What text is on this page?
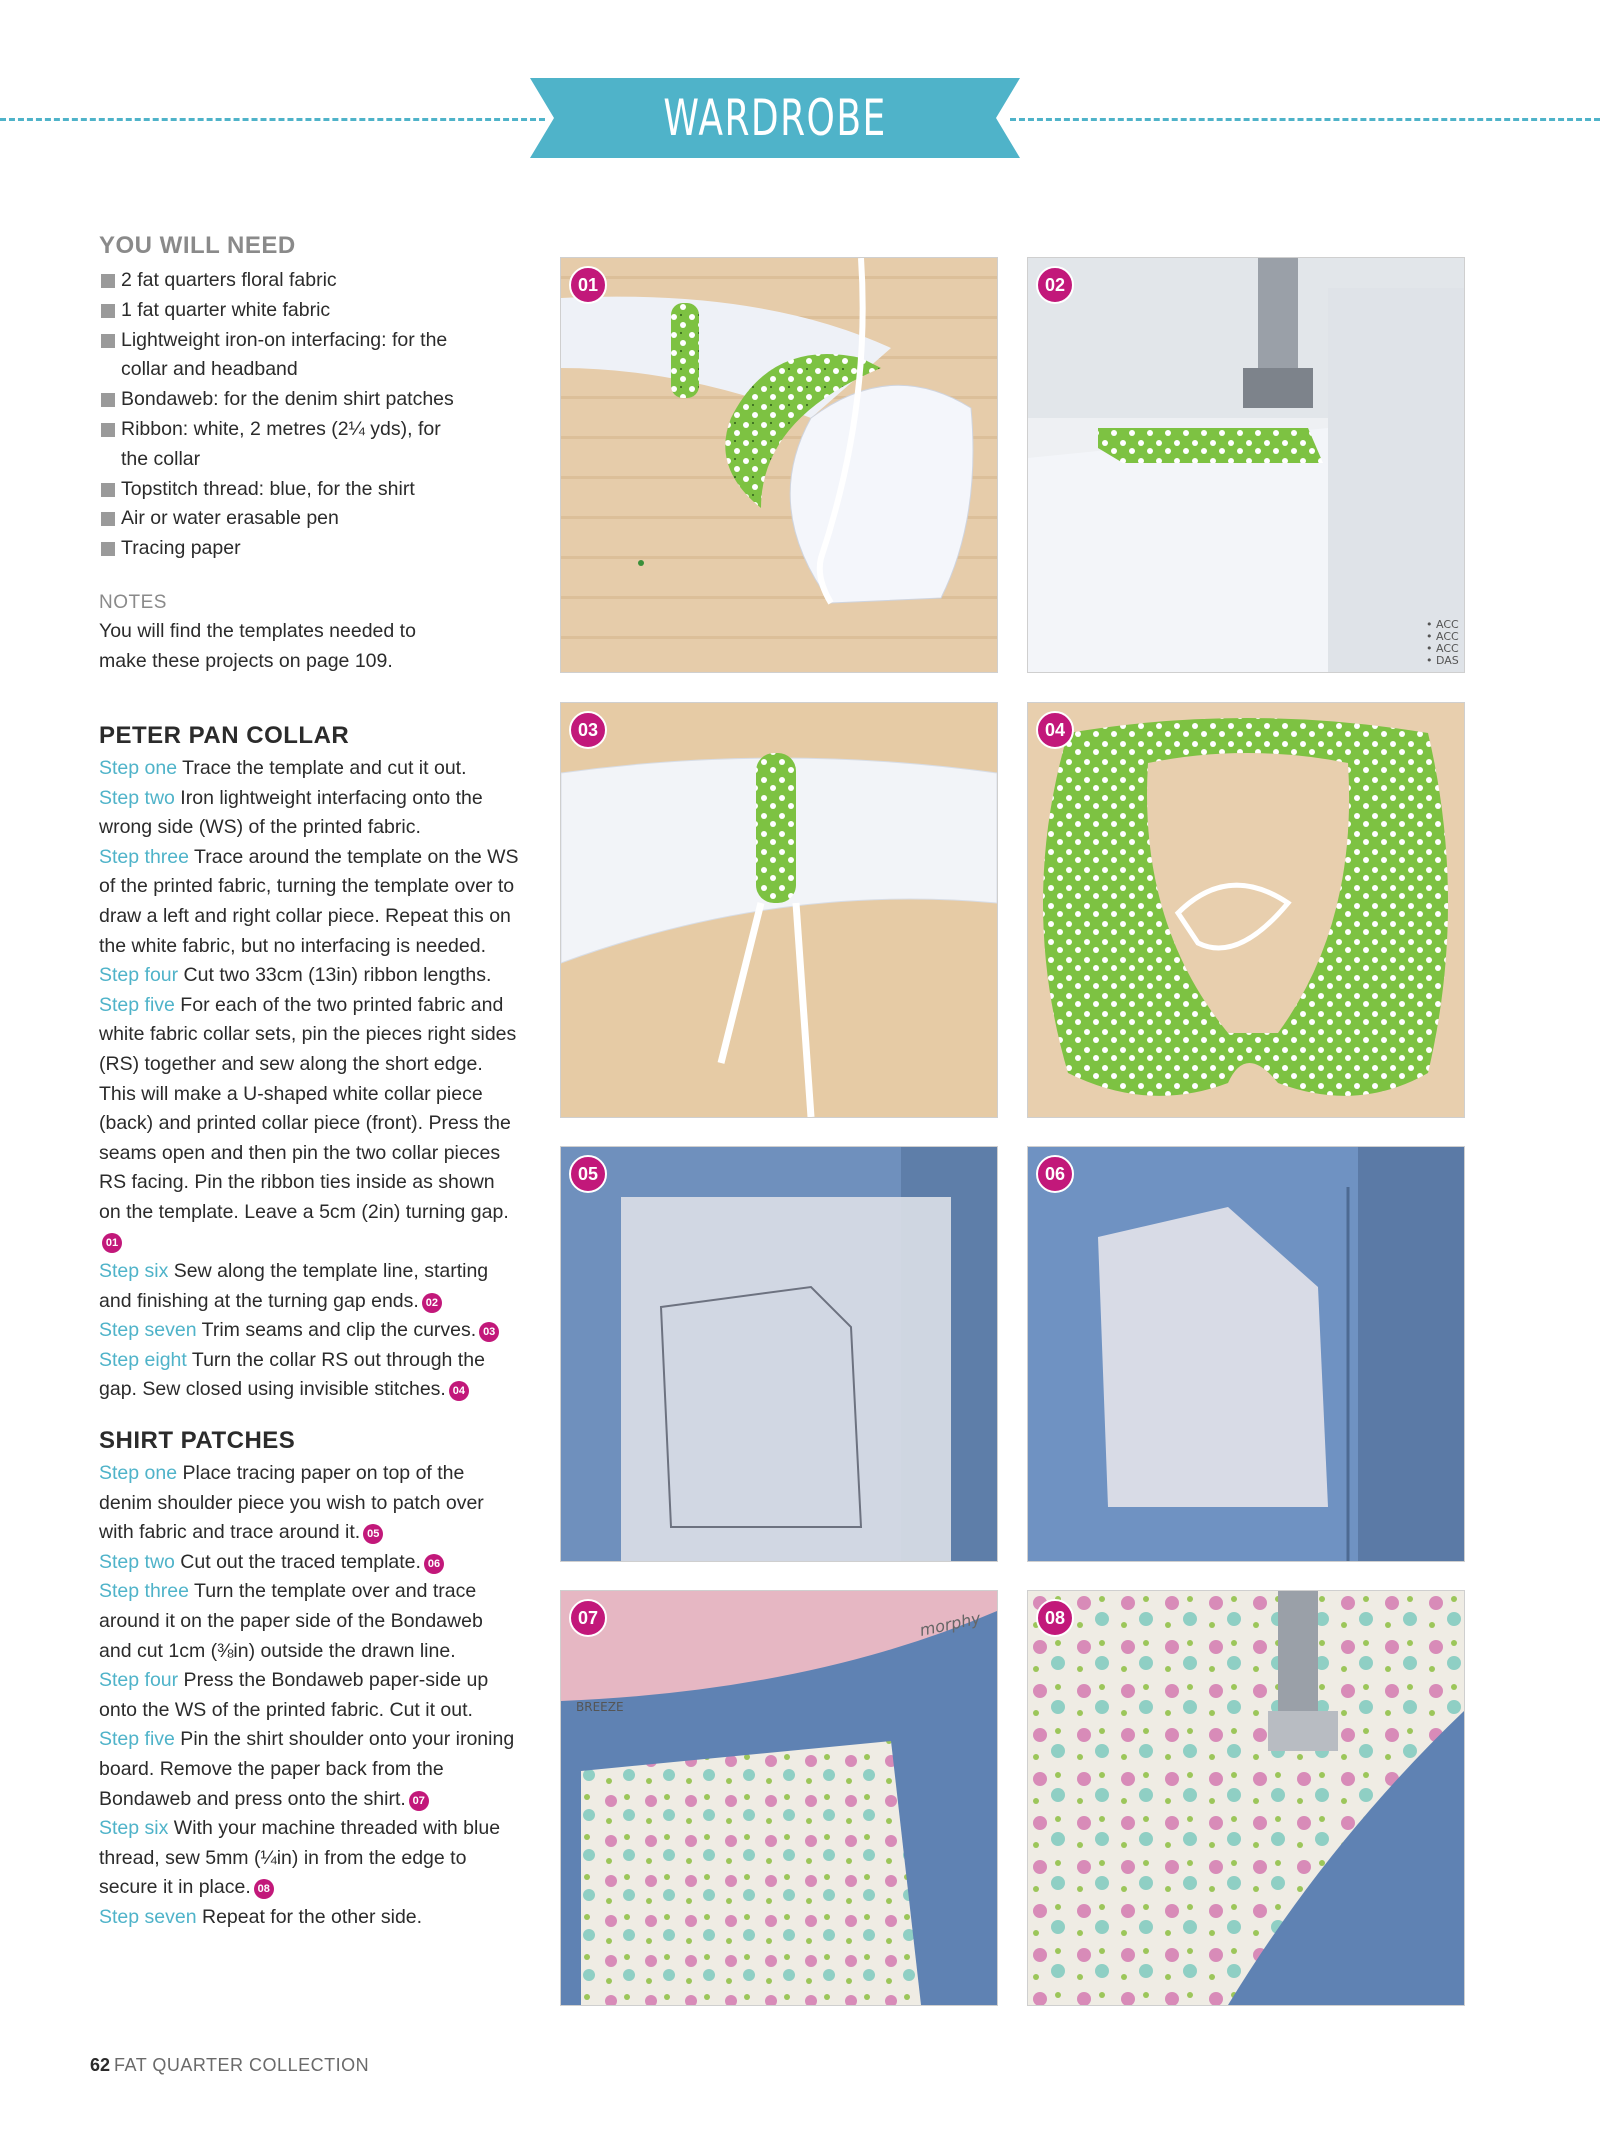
WARDROBE UPDATES
YOU WILL NEED
2 fat quarters floral fabric
1 fat quarter white fabric
Lightweight iron-on interfacing: for the
collar and headband
Bondaweb: for the denim shirt patches
Ribbon: white, 2 metres (2¼ yds), for
the collar
Topstitch thread: blue, for the shirt
Air or water erasable pen
Tracing paper
NOTES

You will find the templates needed to make these projects on page 109.

PETER PAN COLLAR

Step one Trace the template and cut it out.

Step two Iron lightweight interfacing onto the wrong side (WS) of the printed fabric.

Step three Trace around the template on the WS of the printed fabric, turning the template over to draw a left and right collar piece. Repeat this on the white fabric, but no interfacing is needed.

Step four Cut two 33cm (13in) ribbon lengths.

Step five For each of the two printed fabric and white fabric collar sets, pin the pieces right sides (RS) together and sew along the short edge. This will make a U-shaped white collar piece (back) and printed collar piece (front). Press the seams open and then pin the two collar pieces RS facing. Pin the ribbon ties inside as shown on the template. Leave a 5cm (2in) turning gap.01

Step six Sew along the template line, starting and finishing at the turning gap ends. 02

Step seven Trim seams and clip the curves. 03

Step eight Turn the collar RS out through the gap. Sew closed using invisible stitches. 04

SHIRT PATCHES

Step one Place tracing paper on top of the denim shoulder piece you wish to patch over with fabric and trace around it. 05

Step two Cut out the traced template. 06

Step three Turn the template over and trace around it on the paper side of the Bondaweb and cut 1cm (⅜in) outside the drawn line.

Step four Press the Bondaweb paper-side up onto the WS of the printed fabric. Cut it out.

Step five Pin the shirt shoulder onto your ironing board. Remove the paper back from the Bondaweb and press onto the shirt. 07

Step six With your machine threaded with blue thread, sew 5mm (¼in) in from the edge to secure it in place. 08

Step seven Repeat for the other side.

01
• ACC • ACC • ACC • DAS
02
03	04
05	06
morphy
BREEZE
07	08
62 FAT QUARTER COLLECTION
